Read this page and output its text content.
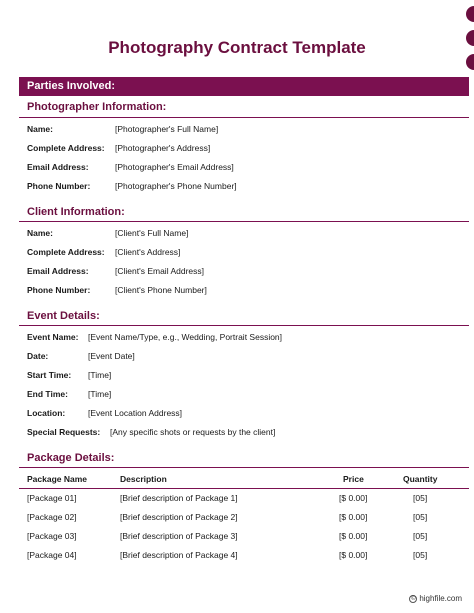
Photography Contract Template
Parties Involved:
Photographer Information:
Name:	[Photographer's Full Name]
Complete Address: [Photographer's Address]
Email Address:	[Photographer's Email Address]
Phone Number:	[Photographer's Phone Number]
Client Information:
Name:	[Client's Full Name]
Complete Address: [Client's Address]
Email Address:	[Client's Email Address]
Phone Number:	[Client's Phone Number]
Event Details:
Event Name: [Event Name/Type, e.g., Wedding, Portrait Session]
Date:	[Event Date]
Start Time: [Time]
End Time: [Time]
Location:	[Event Location Address]
Special Requests: [Any specific shots or requests by the client]
Package Details:
Package Name	Description	Price	Quantity
[Package 01]	[Brief description of Package 1]	[$ 0.00]	[05]
[Package 02]	[Brief description of Package 2]	[$ 0.00]	[05]
[Package 03]	[Brief description of Package 3]	[$ 0.00]	[05]
[Package 04]	[Brief description of Package 4]	[$ 0.00]	[05]
© highfile.com
